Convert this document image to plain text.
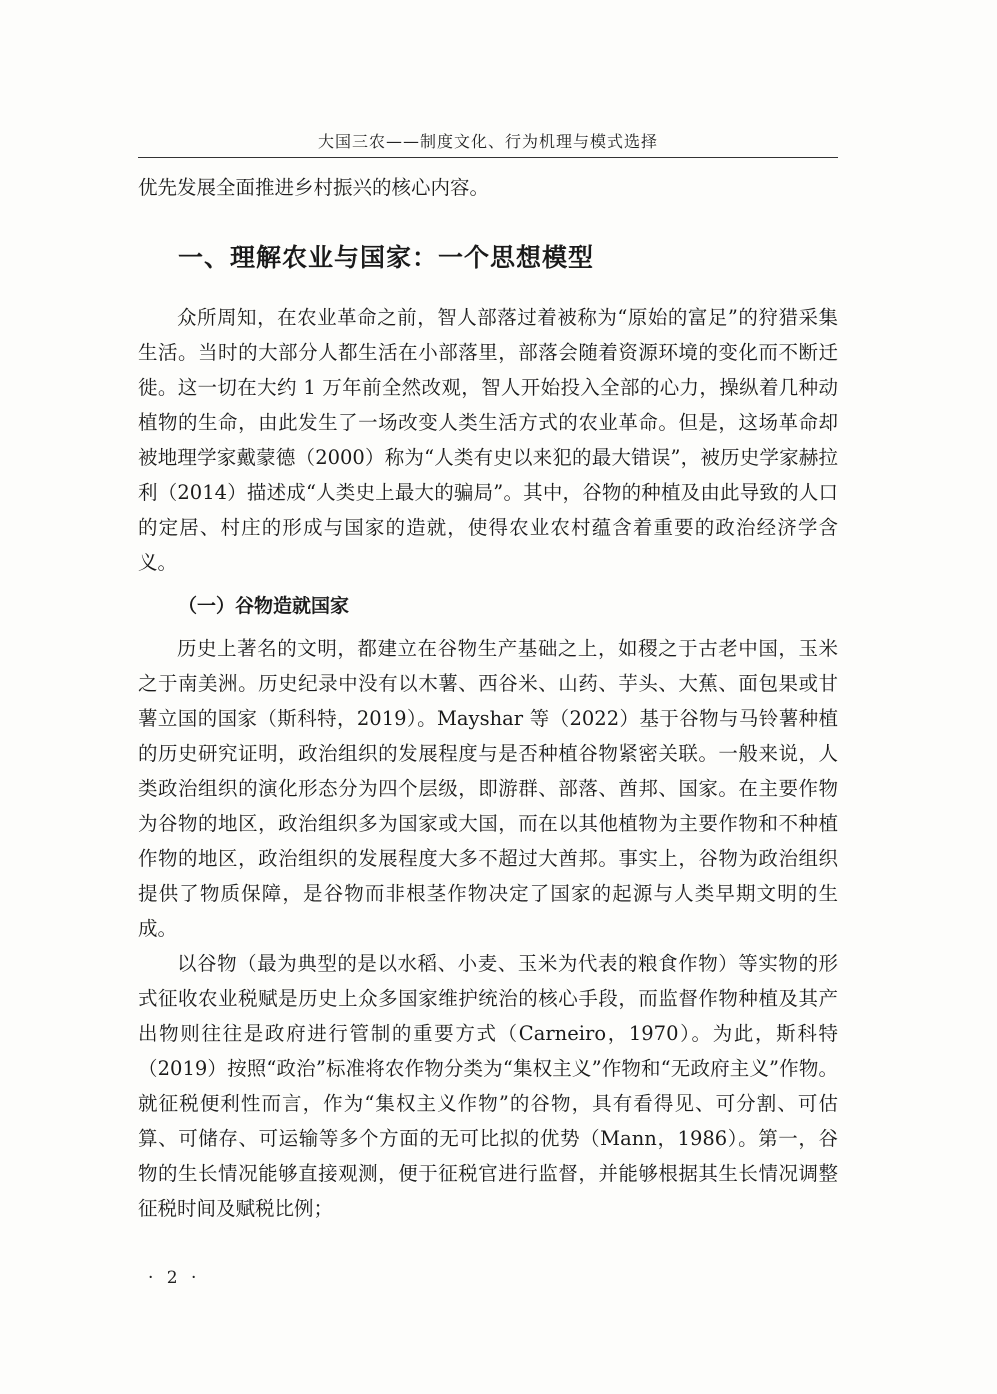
大国三农——制度文化、行为机理与模式选择

优先发展全面推进乡村振兴的核心内容。

一、理解农业与国家：一个思想模型

众所周知，在农业革命之前，智人部落过着被称为“原始的富足”的狩猎采集生活。当时的大部分人都生活在小部落里，部落会随着资源环境的变化而不断迁徙。这一切在大约 1 万年前全然改观，智人开始投入全部的心力，操纵着几种动植物的生命，由此发生了一场改变人类生活方式的农业革命。但是，这场革命却被地理学家戴蒙德（2000）称为“人类有史以来犯的最大错误”，被历史学家赫拉利（2014）描述成“人类史上最大的骗局”。其中，谷物的种植及由此导致的人口的定居、村庄的形成与国家的造就，使得农业农村蕴含着重要的政治经济学含义。

（一）谷物造就国家

历史上著名的文明，都建立在谷物生产基础之上，如稷之于古老中国，玉米之于南美洲。历史纪录中没有以木薯、西谷米、山药、芋头、大蕉、面包果或甘薯立国的国家（斯科特，2019）。Mayshar 等（2022）基于谷物与马铃薯种植的历史研究证明，政治组织的发展程度与是否种植谷物紧密关联。一般来说，人类政治组织的演化形态分为四个层级，即游群、部落、酋邦、国家。在主要作物为谷物的地区，政治组织多为国家或大国，而在以其他植物为主要作物和不种植作物的地区，政治组织的发展程度大多不超过大酋邦。事实上，谷物为政治组织提供了物质保障，是谷物而非根茎作物决定了国家的起源与人类早期文明的生成。

以谷物（最为典型的是以水稻、小麦、玉米为代表的粮食作物）等实物的形式征收农业税赋是历史上众多国家维护统治的核心手段，而监督作物种植及其产出物则往往是政府进行管制的重要方式（Carneiro，1970）。为此，斯科特（2019）按照“政治”标准将农作物分类为“集权主义”作物和“无政府主义”作物。就征税便利性而言，作为“集权主义作物”的谷物，具有看得见、可分割、可估算、可储存、可运输等多个方面的无可比拟的优势（Mann，1986）。第一，谷物的生长情况能够直接观测，便于征税官进行监督，并能够根据其生长情况调整征税时间及赋税比例；

· 2 ·
